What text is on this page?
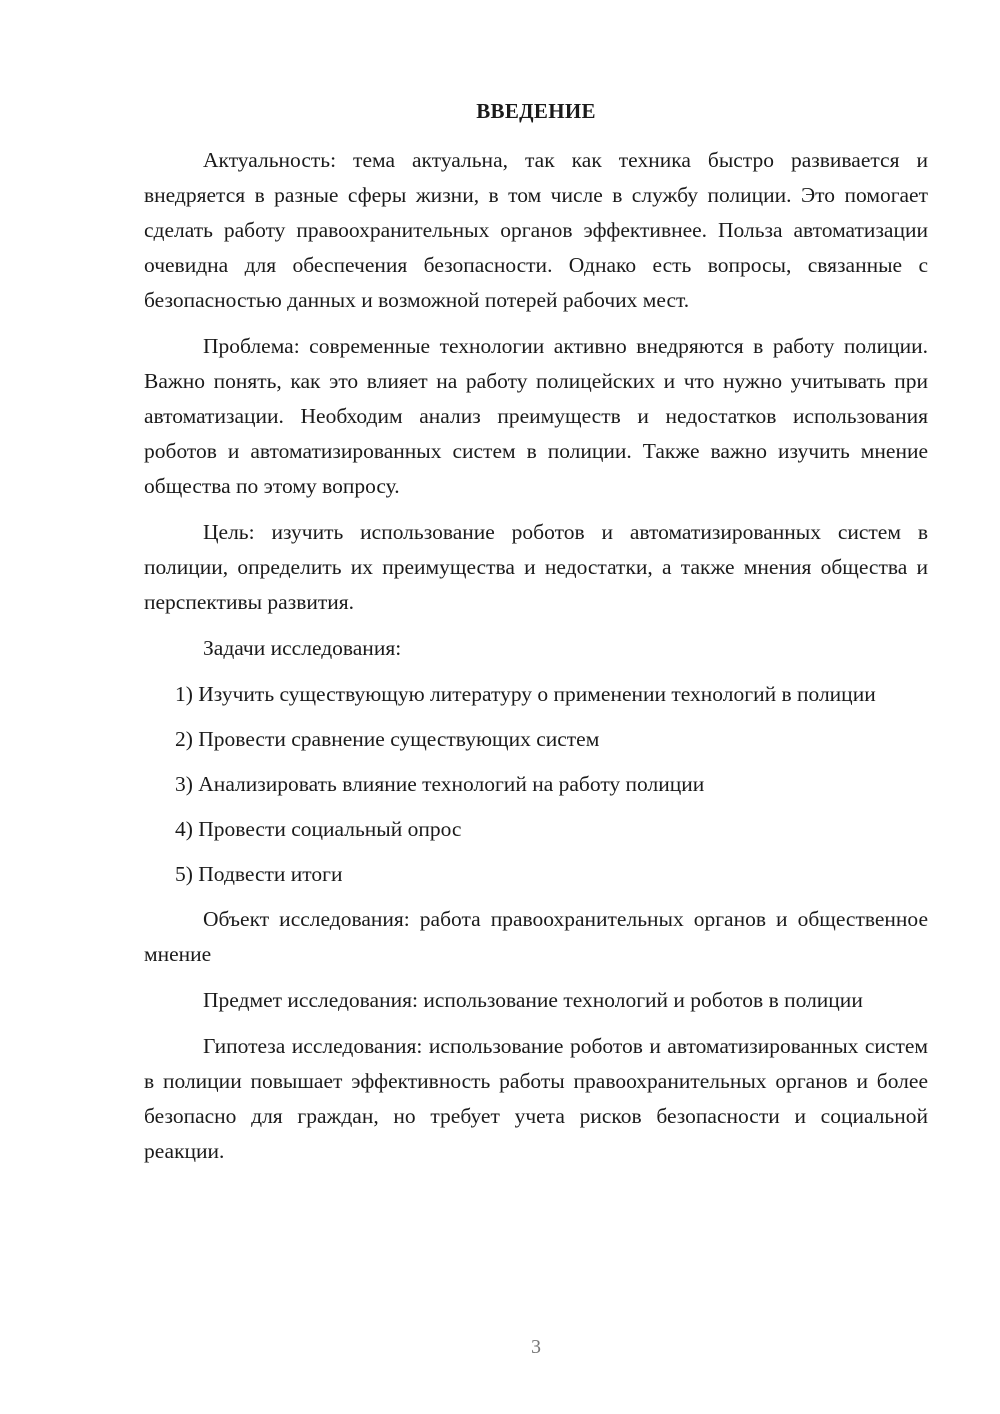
ВВЕДЕНИЕ

Актуальность: тема актуальна, так как техника быстро развивается и внедряется в разные сферы жизни, в том числе в службу полиции. Это помогает сделать работу правоохранительных органов эффективнее. Польза автоматизации очевидна для обеспечения безопасности. Однако есть вопросы, связанные с безопасностью данных и возможной потерей рабочих мест.

Проблема: современные технологии активно внедряются в работу полиции. Важно понять, как это влияет на работу полицейских и что нужно учитывать при автоматизации. Необходим анализ преимуществ и недостатков использования роботов и автоматизированных систем в полиции. Также важно изучить мнение общества по этому вопросу.

Цель: изучить использование роботов и автоматизированных систем в полиции, определить их преимущества и недостатки, а также мнения общества и перспективы развития.

Задачи исследования:

1) Изучить существующую литературу о применении технологий в полиции

2) Провести сравнение существующих систем

3) Анализировать влияние технологий на работу полиции

4) Провести социальный опрос

5) Подвести итоги

Объект исследования: работа правоохранительных органов и общественное мнение

Предмет исследования: использование технологий и роботов в полиции

Гипотеза исследования: использование роботов и автоматизированных систем в полиции повышает эффективность работы правоохранительных органов и более безопасно для граждан, но требует учета рисков безопасности и социальной реакции.

3
